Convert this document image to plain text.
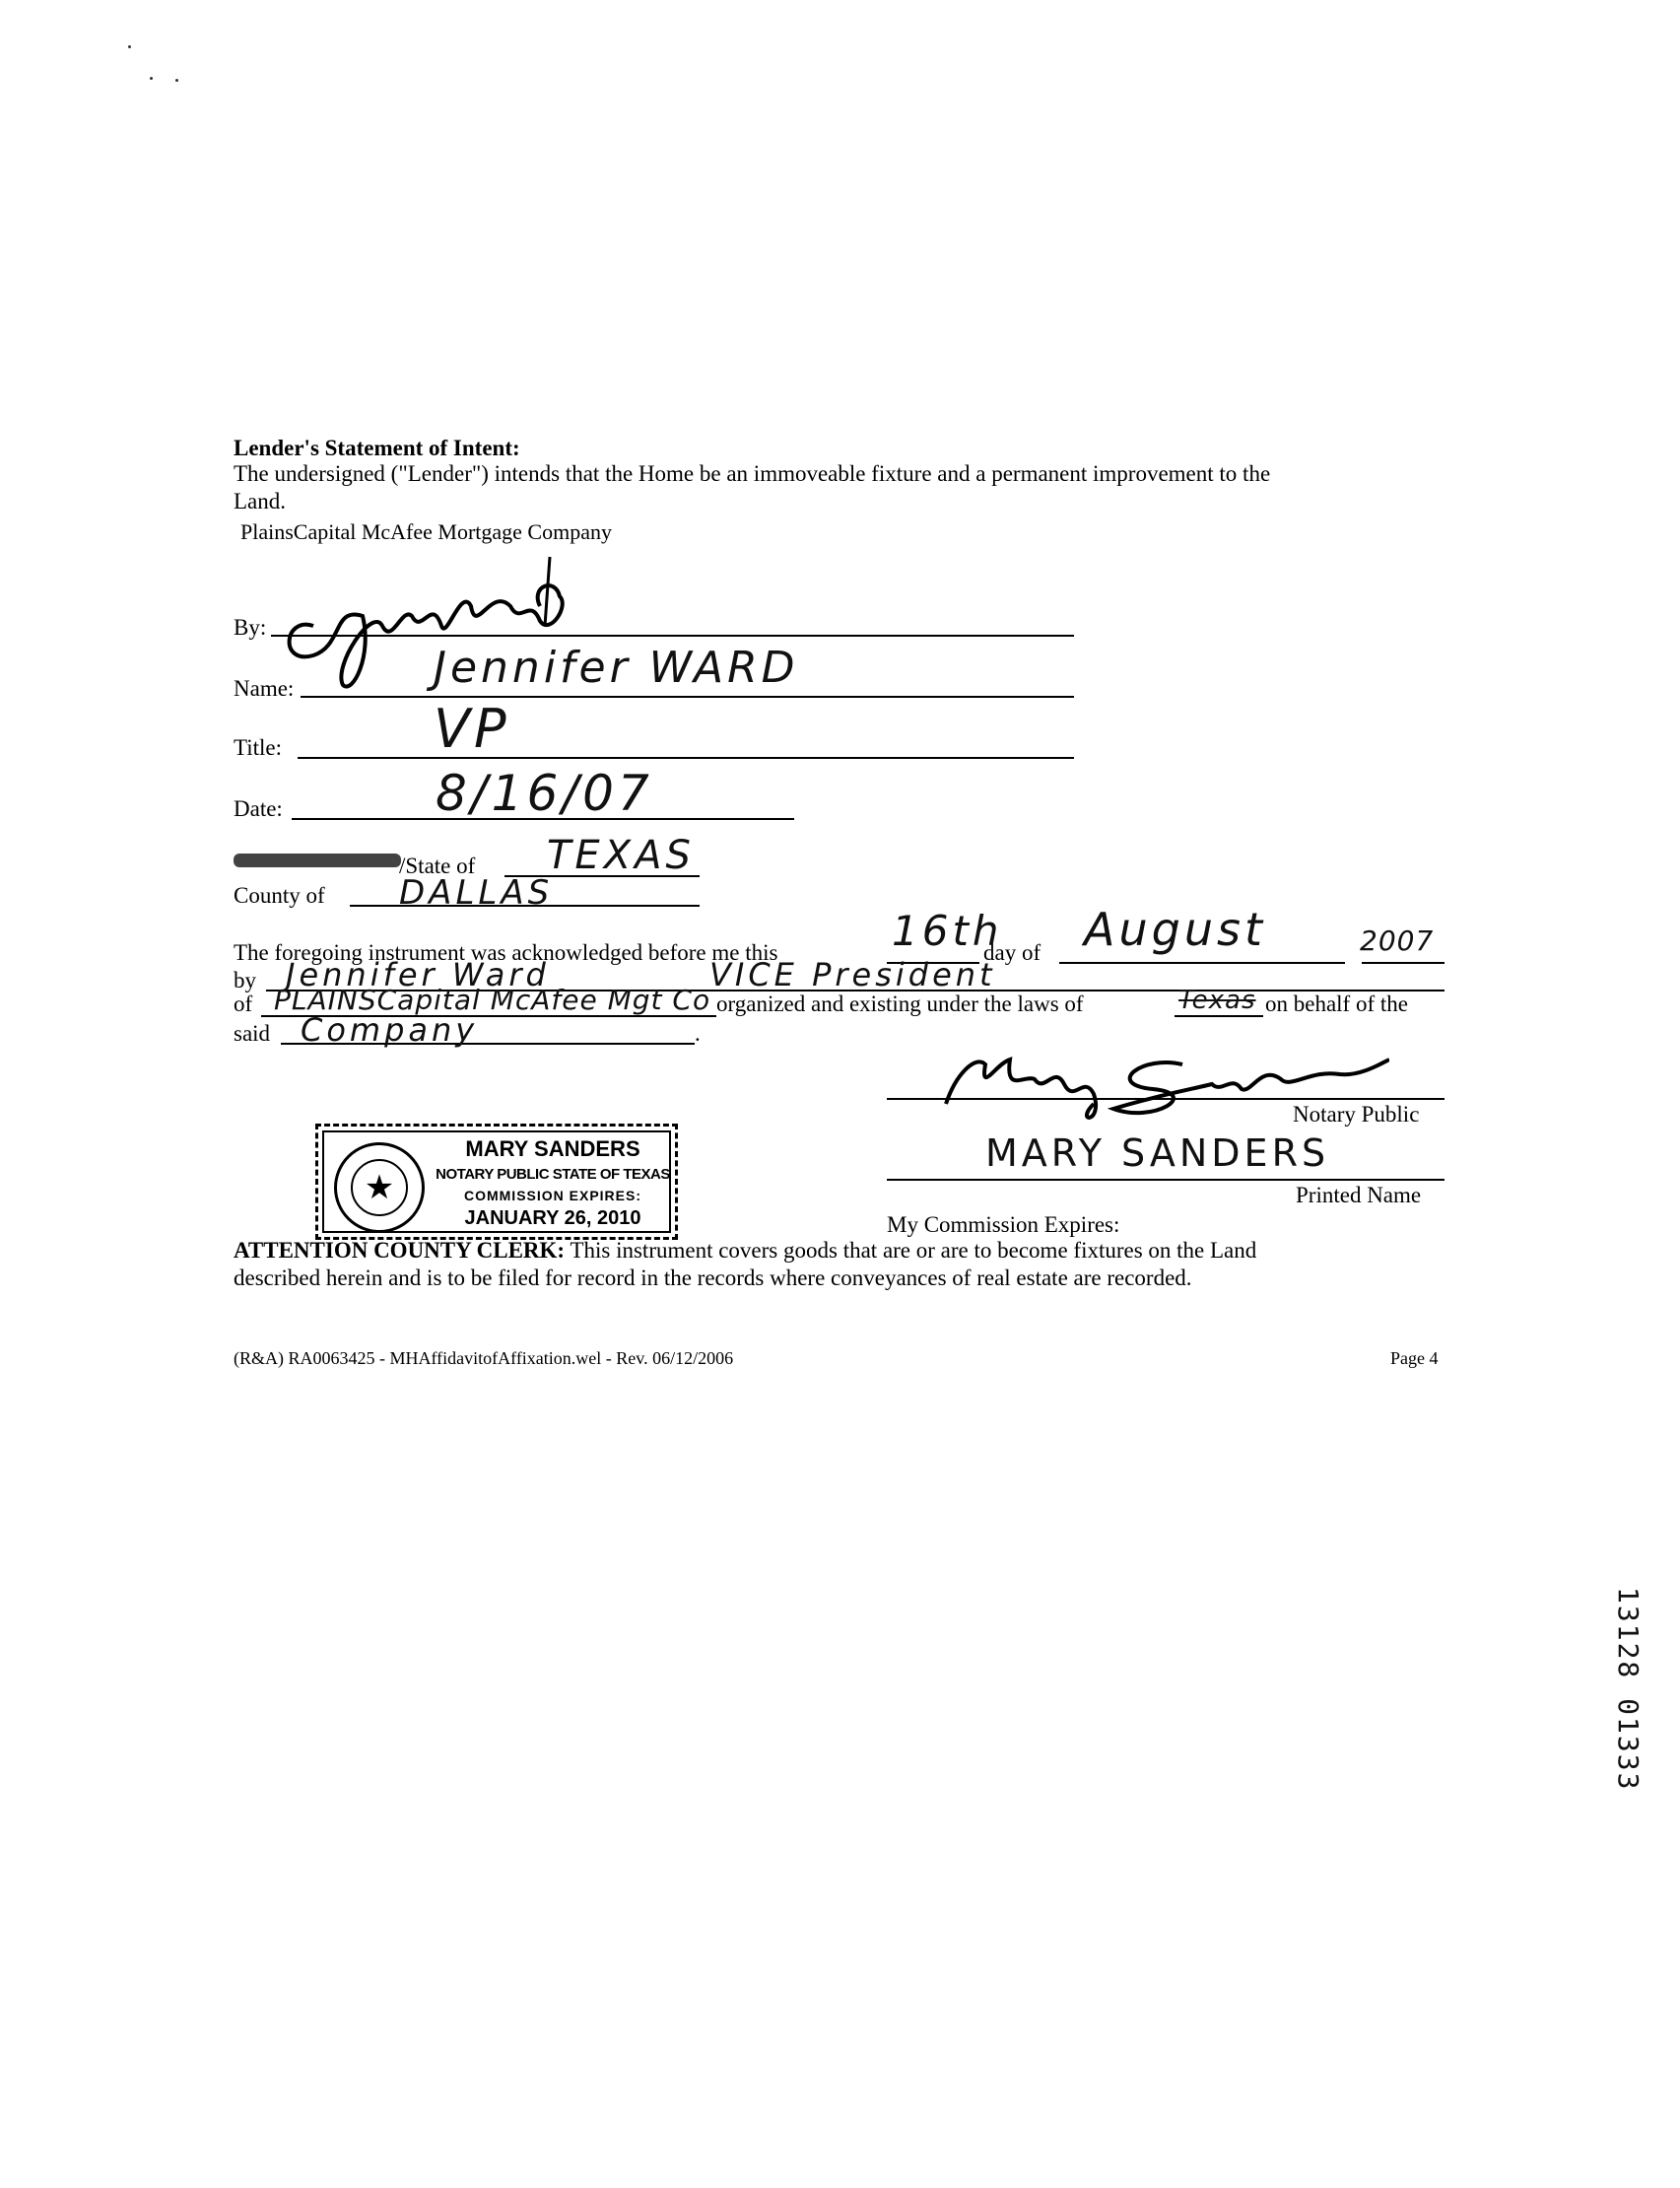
Lender's Statement of Intent:
The undersigned ("Lender") intends that the Home be an immoveable fixture and a permanent improvement to the
Land.
PlainsCapital McAfee Mortgage Company
By:
Name:	Jennifer WARD
Title:	VP
Date:	8/16/07
/State of TEXAS
County of DALLAS
The foregoing instrument was acknowledged before me this	16th
day of August	2007
by Jennifer Ward	VICE President
of PLAINSCapital McAfee Mgt Co organized and existing under the laws of	Texas on behalf of the
said Company	.
Notary Public
MARY SANDERS
Printed Name
My Commission Expires:
★
MARY SANDERS
NOTARY PUBLIC STATE OF TEXAS
COMMISSION EXPIRES:
JANUARY 26, 2010
ATTENTION COUNTY CLERK: This instrument covers goods that are or are to become fixtures on the Land
described herein and is to be filed for record in the records where conveyances of real estate are recorded.
(R&A) RA0063425 - MHAffidavitofAffixation.wel - Rev. 06/12/2006	Page 4
13128 01333
